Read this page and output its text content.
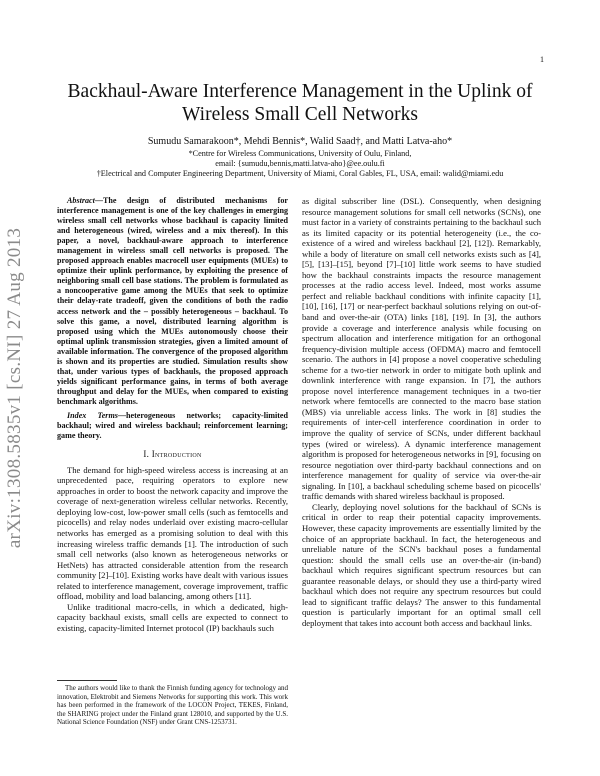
1
arXiv:1308.5835v1 [cs.NI] 27 Aug 2013
Backhaul-Aware Interference Management in the Uplink of
Wireless Small Cell Networks
Sumudu Samarakoon*, Mehdi Bennis*, Walid Saad†, and Matti Latva-aho*
*Centre for Wireless Communications, University of Oulu, Finland,
email: {sumudu,bennis,matti.latva-aho}@ee.oulu.fi
†Electrical and Computer Engineering Department, University of Miami, Coral Gables, FL, USA, email: walid@miami.edu

Abstract—The design of distributed mechanisms for interference management is one of the key challenges in emerging wireless small cell networks whose backhaul is capacity limited and heterogeneous (wired, wireless and a mix thereof). In this paper, a novel, backhaul-aware approach to interference management in wireless small cell networks is proposed. The proposed approach enables macrocell user equipments (MUEs) to optimize their uplink performance, by exploiting the presence of neighboring small cell base stations. The problem is formulated as a noncooperative game among the MUEs that seek to optimize their delay-rate tradeoff, given the conditions of both the radio access network and the – possibly heterogeneous – backhaul. To solve this game, a novel, distributed learning algorithm is proposed using which the MUEs autonomously choose their optimal uplink transmission strategies, given a limited amount of available information. The convergence of the proposed algorithm is shown and its properties are studied. Simulation results show that, under various types of backhauls, the proposed approach yields significant performance gains, in terms of both average throughput and delay for the MUEs, when compared to existing benchmark algorithms.

Index Terms—heterogeneous networks; capacity-limited backhaul; wired and wireless backhaul; reinforcement learning; game theory.

I. Introduction

The demand for high-speed wireless access is increasing at an unprecedented pace, requiring operators to explore new approaches in order to boost the network capacity and improve the coverage of next-generation wireless cellular networks. Recently, deploying low-cost, low-power small cells (such as femtocells and picocells) and relay nodes underlaid over existing macro-cellular networks has emerged as a promising solution to deal with this increasing wireless traffic demands [1]. The introduction of such small cell networks (also known as heterogeneous networks or HetNets) has attracted considerable attention from the research community [2]–[10]. Existing works have dealt with various issues related to interference management, coverage improvement, traffic offload, mobility and load balancing, among others [11].

Unlike traditional macro-cells, in which a dedicated, high-capacity backhaul exists, small cells are expected to connect to existing, capacity-limited Internet protocol (IP) backhauls such

The authors would like to thank the Finnish funding agency for technology and innovation, Elektrobit and Siemens Networks for supporting this work. This work has been performed in the framework of the LOCON Project, TEKES, Finland, the SHARING project under the Finland grant 128010, and supported by the U.S. National Science Foundation (NSF) under Grant CNS-1253731.

as digital subscriber line (DSL). Consequently, when designing resource management solutions for small cell networks (SCNs), one must factor in a variety of constraints pertaining to the backhaul such as its limited capacity or its potential heterogeneity (i.e., the co-existence of a wired and wireless backhaul [2], [12]). Remarkably, while a body of literature on small cell networks exists such as [4], [5], [13]–[15], beyond [7]–[10] little work seems to have studied how the backhaul constraints impacts the resource management processes at the radio access level. Indeed, most works assume perfect and reliable backhaul conditions with infinite capacity [1], [10], [16], [17] or near-perfect backhaul solutions relying on out-of-band and over-the-air (OTA) links [18], [19]. In [3], the authors provide a coverage and interference analysis while focusing on spectrum allocation and interference mitigation for an orthogonal frequency-division multiple access (OFDMA) macro and femtocell scenario. The authors in [4] propose a novel cooperative scheduling scheme for a two-tier network in order to mitigate both uplink and downlink interference with range expansion. In [7], the authors propose novel interference management techniques in a two-tier network where femtocells are connected to the macro base station (MBS) via unreliable access links. The work in [8] studies the requirements of inter-cell interference coordination in order to improve the quality of service of SCNs, under different backhaul types (wired or wireless). A dynamic interference management algorithm is proposed for heterogeneous networks in [9], focusing on resource negotiation over third-party backhaul connections and on interference management for quality of service via over-the-air signaling. In [10], a backhaul scheduling scheme based on picocells' traffic demands with shared wireless backhaul is proposed.

Clearly, deploying novel solutions for the backhaul of SCNs is critical in order to reap their potential capacity improvements. However, these capacity improvements are essentially limited by the choice of an appropriate backhaul. In fact, the heterogeneous and unreliable nature of the SCN's backhaul poses a fundamental question: should the small cells use an over-the-air (in-band) backhaul which requires significant spectrum resources but can guarantee reasonable delays, or should they use a third-party wired backhaul which does not require any spectrum resources but could lead to significant traffic delays? The answer to this fundamental question is particularly important for an optimal small cell deployment that takes into account both access and backhaul links.
